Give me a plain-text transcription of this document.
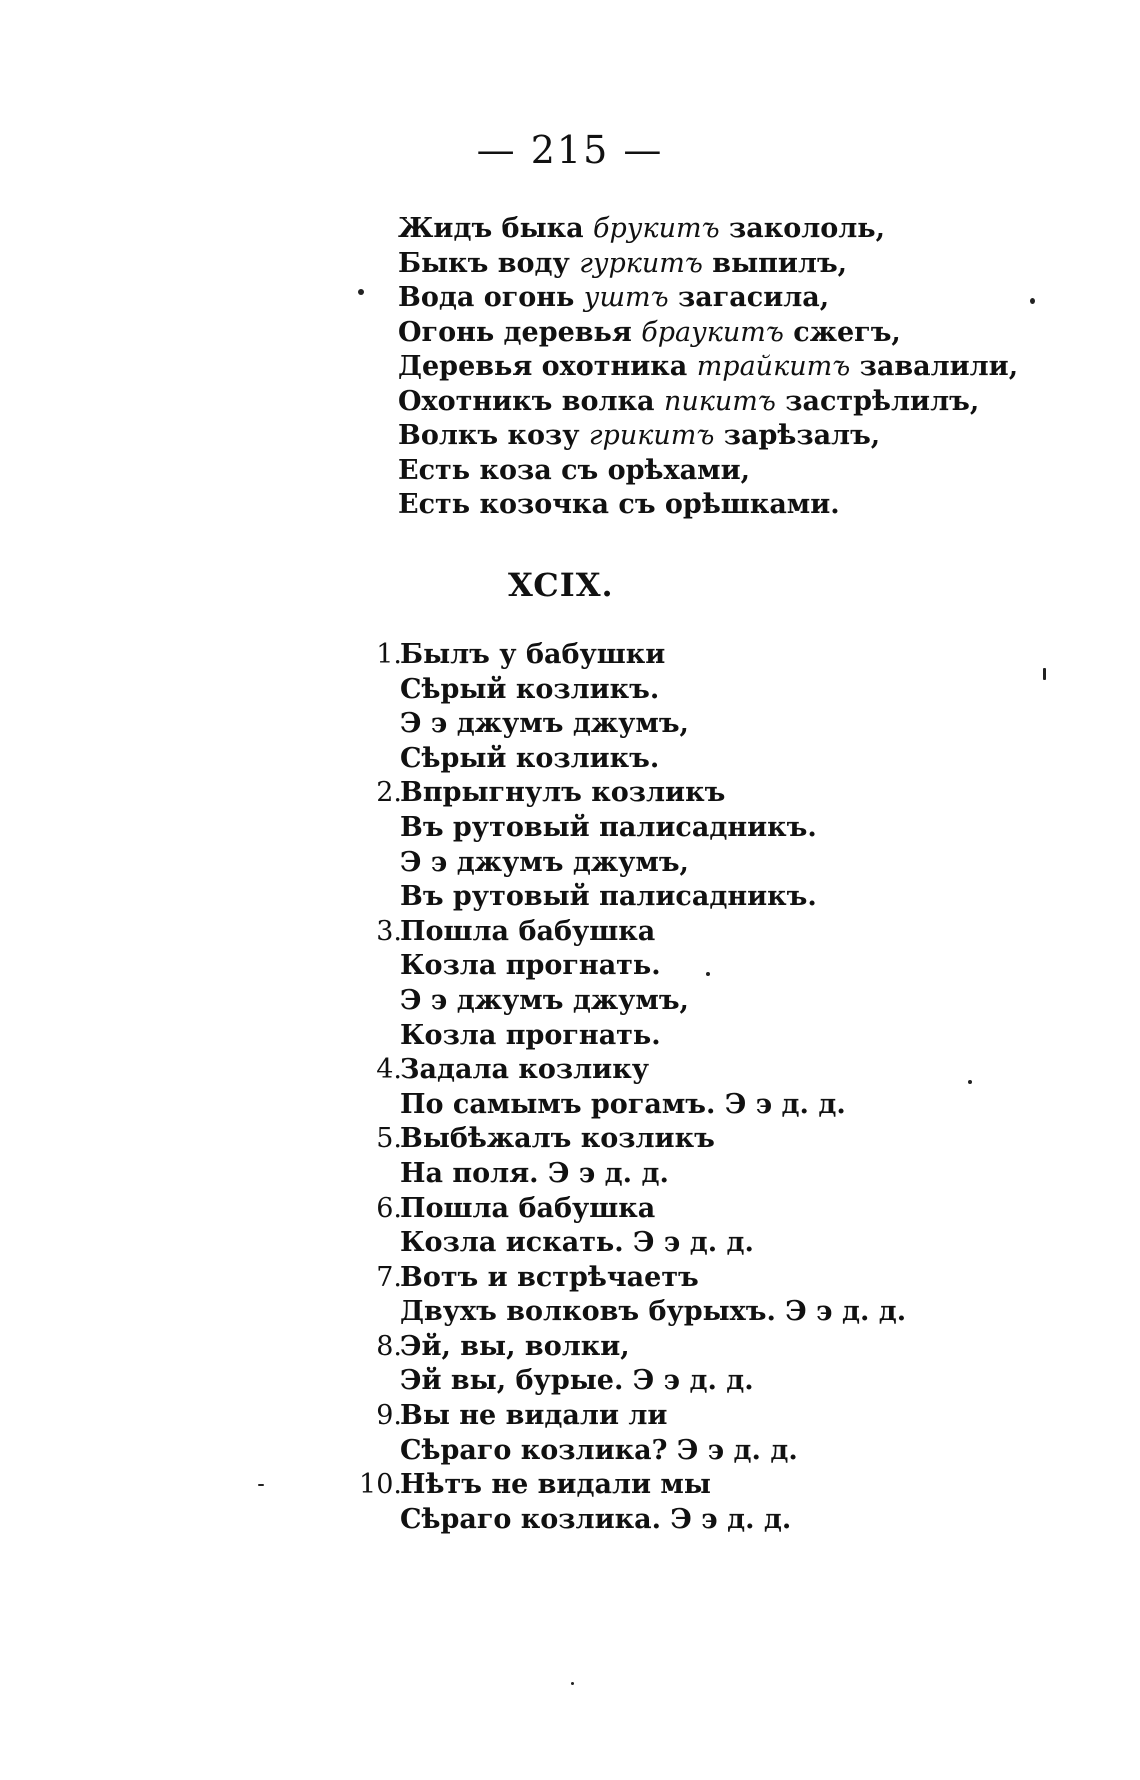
— 215 —
Жидъ быка брукитъ закололь,
Быкъ воду гуркитъ выпилъ,
Вода огонь уштъ загасила,
Огонь деревья браукитъ сжегъ,
Деревья охотника трайкитъ завалили,
Охотникъ волка пикитъ застрѣлилъ,
Волкъ козу грикитъ зарѣзалъ,
Есть коза съ орѣхами,
Есть козочка съ орѣшками.
XCIX.
1.
Былъ у бабушки
Сѣрый козликъ.
Э э джумъ джумъ,
Сѣрый козликъ.
2.
Впрыгнулъ козликъ
Въ рутовый палисадникъ.
Э э джумъ джумъ,
Въ рутовый палисадникъ.
3.
Пошла бабушка
Козла прогнать.
Э э джумъ джумъ,
Козла прогнать.
4.
Задала козлику
По самымъ рогамъ. Э э д. д.
5.
Выбѣжалъ козликъ
На поля. Э э д. д.
6.
Пошла бабушка
Козла искать. Э э д. д.
7.
Вотъ и встрѣчаетъ
Двухъ волковъ бурыхъ. Э э д. д.
8.
Эй, вы, волки,
Эй вы, бурые. Э э д. д.
9.
Вы не видали ли
Сѣраго козлика? Э э д. д.
10.
Нѣтъ не видали мы
Сѣраго козлика. Э э д. д.
